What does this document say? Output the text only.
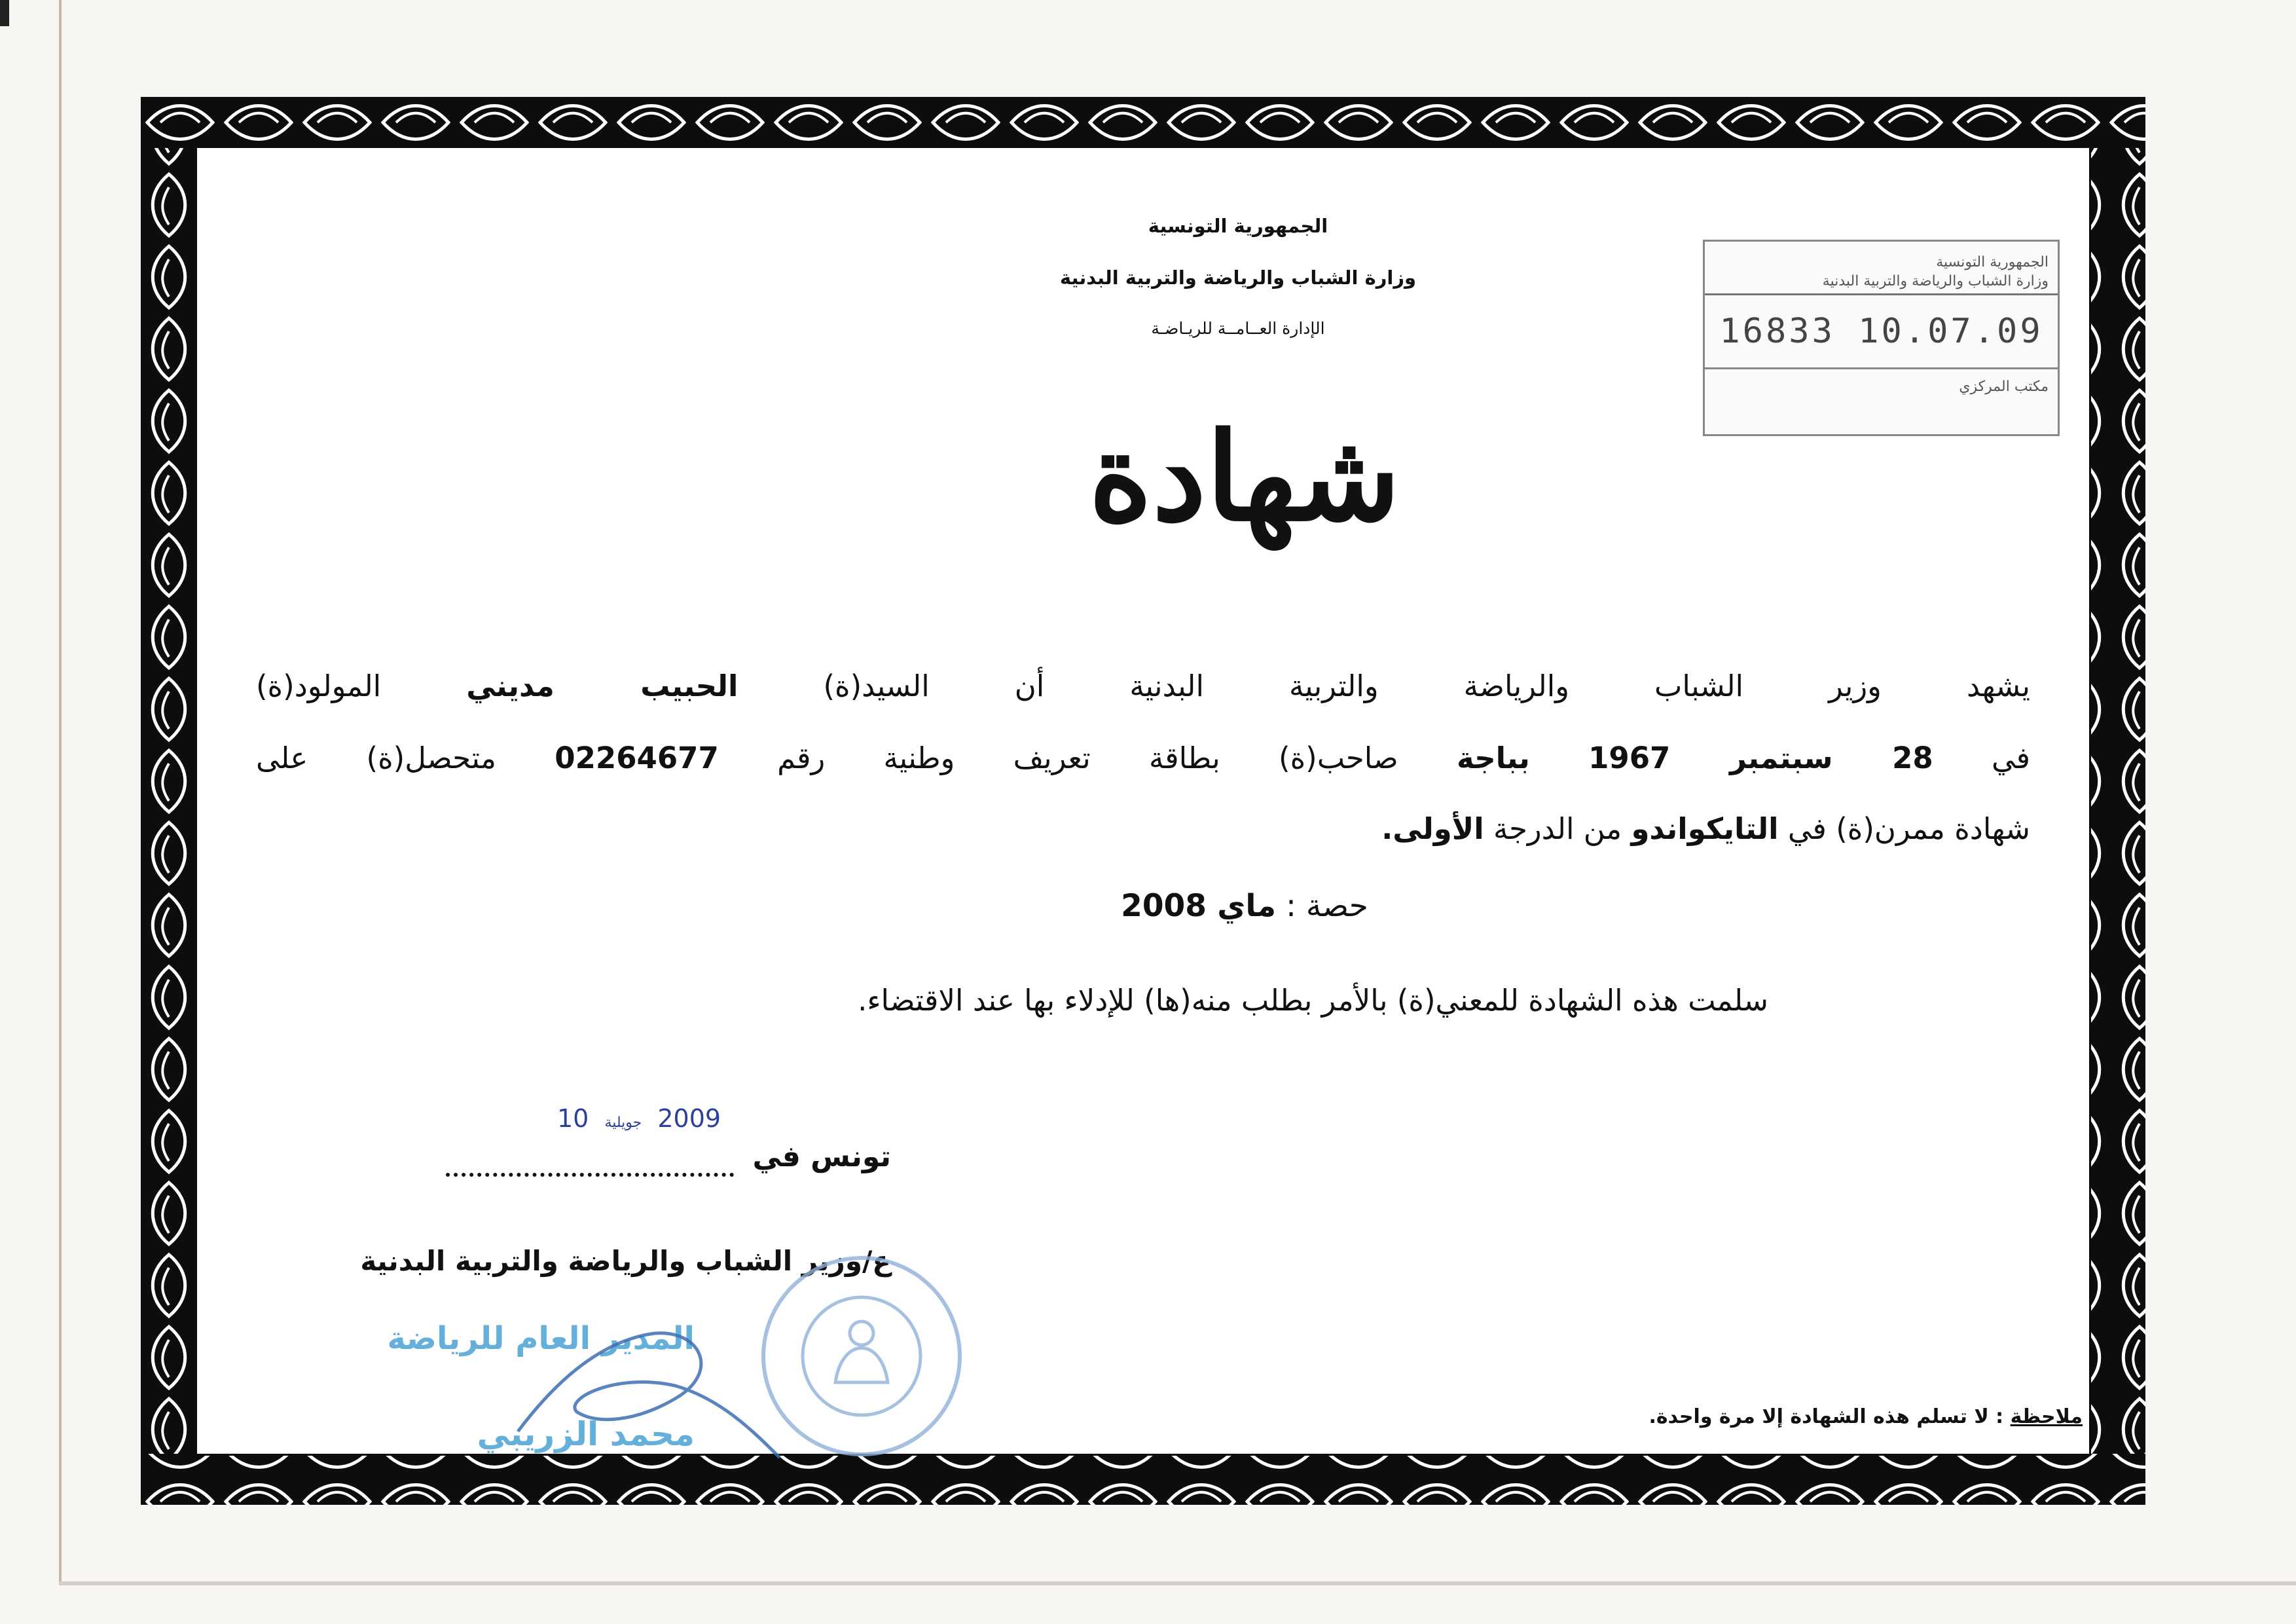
الجمهورية التونسية
وزارة الشباب والرياضة والتربية البدنية
الإدارة العــامــة للريـاضـة
الجمهورية التونسية
وزارة الشباب والرياضة والتربية البدنية
16833 10.07.09
مكتب المركزي
شهادة
يشهد وزير الشباب والرياضة والتربية البدنية أن السيد(ة) الحبيب مديني المولود(ة)
في 28 سبتمبر 1967 بباجة صاحب(ة) بطاقة تعريف وطنية رقم 02264677 متحصل(ة) على
شهادة ممرن(ة) في التايكواندو من الدرجة الأولى.
حصة : ماي 2008
سلمت هذه الشهادة للمعني(ة) بالأمر بطلب منه(ها) للإدلاء بها عند الاقتضاء.
2009 جويلية 10
تونس في
ع/وزير الشباب والرياضة والتربية البدنية
المدير العام للرياضة
محمد الزريبي	ملاحظة : لا تسلم هذه الشهادة إلا مرة واحدة.
